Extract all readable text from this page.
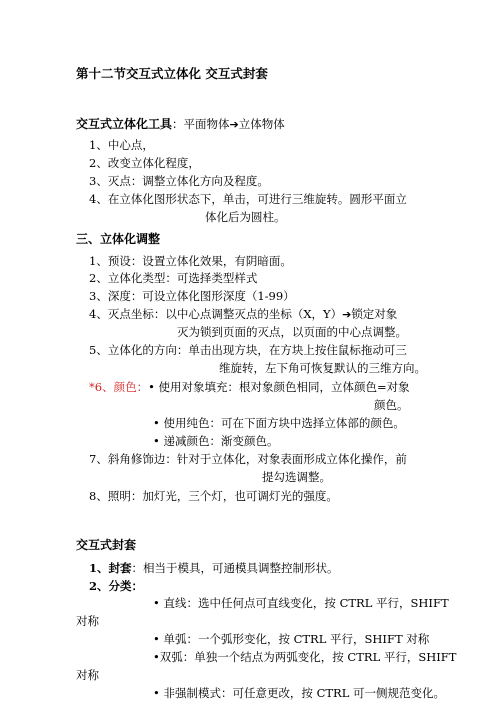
第十二节交互式立体化 交互式封套
交互式立体化工具：平面物体➔立体物体
1、中心点，
2、改变立体化程度，
3、灭点：调整立体化方向及程度。
4、在立体化图形状态下，单击，可进行三维旋转。圆形平面立
体化后为圆柱。
三、立体化调整
1、预设：设置立体化效果，有阴暗面。
2、立体化类型：可选择类型样式
3、深度：可设立体化图形深度（1-99）
4、灭点坐标：以中心点调整灭点的坐标（X，Y）➔锁定对象
灭为锁到页面的灭点，以页面的中心点调整。
5、立体化的方向：单击出现方块，在方块上按住鼠标拖动可三
维旋转，左下角可恢复默认的三维方向。
*6、颜色：• 使用对象填充：根对象颜色相同，立体颜色=对象
颜色。
• 使用纯色：可在下面方块中选择立体部的颜色。
• 递减颜色：渐变颜色。
7、斜角修饰边：针对于立体化，对象表面形成立体化操作，前
提勾选调整。
8、照明：加灯光，三个灯，也可调灯光的强度。
交互式封套
1、封套：相当于模具，可通模具调整控制形状。
2、分类：
• 直线：选中任何点可直线变化，按 CTRL 平行，SHIFT
对称
• 单弧：一个弧形变化，按 CTRL 平行，SHIFT 对称
•双弧：单独一个结点为两弧变化，按 CTRL 平行，SHIFT
对称
• 非强制模式：可任意更改，按 CTRL 可一侧规范变化。
